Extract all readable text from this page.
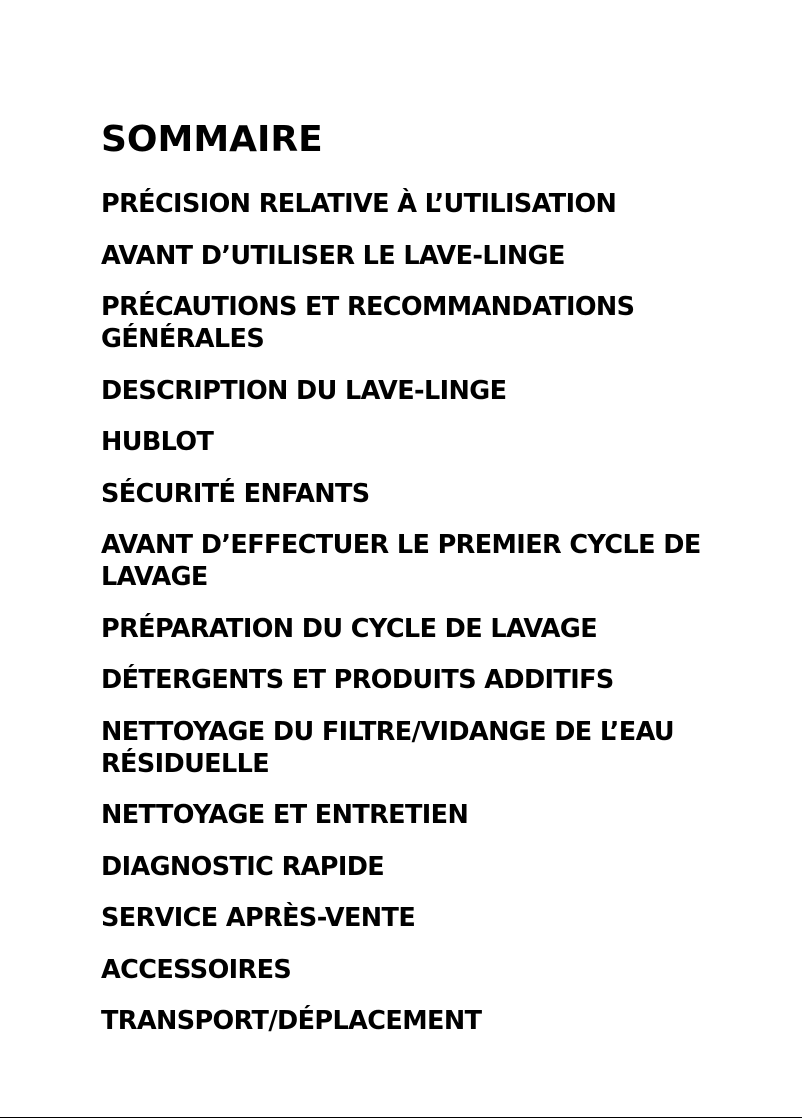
SOMMAIRE
PRÉCISION RELATIVE À L’UTILISATION
AVANT D’UTILISER LE LAVE-LINGE
PRÉCAUTIONS ET RECOMMANDATIONS GÉNÉRALES
DESCRIPTION DU LAVE-LINGE
HUBLOT
SÉCURITÉ ENFANTS
AVANT D’EFFECTUER LE PREMIER CYCLE DE LAVAGE
PRÉPARATION DU CYCLE DE LAVAGE
DÉTERGENTS ET PRODUITS ADDITIFS
NETTOYAGE DU FILTRE/VIDANGE DE L’EAU RÉSIDUELLE
NETTOYAGE ET ENTRETIEN
DIAGNOSTIC RAPIDE
SERVICE APRÈS-VENTE
ACCESSOIRES
TRANSPORT/DÉPLACEMENT
